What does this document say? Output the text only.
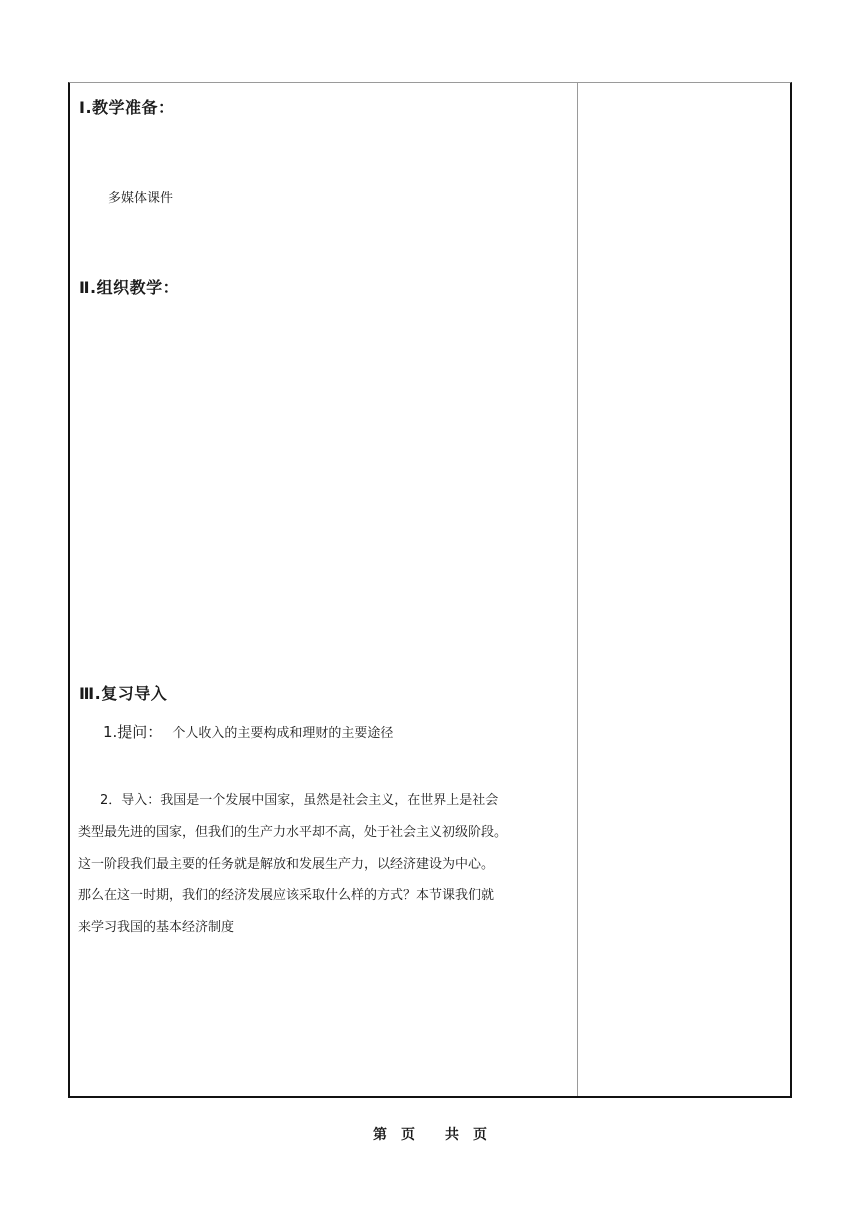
Ⅰ.教学准备：
多媒体课件
Ⅱ.组织教学：
Ⅲ.复习导入
1.提问： 个人收入的主要构成和理财的主要途径
2．导入：我国是一个发展中国家，虽然是社会主义，在世界上是社会
类型最先进的国家，但我们的生产力水平却不高，处于社会主义初级阶段。
这一阶段我们最主要的任务就是解放和发展生产力，以经济建设为中心。
那么在这一时期，我们的经济发展应该采取什么样的方式？本节课我们就
来学习我国的基本经济制度
第 页 共 页
